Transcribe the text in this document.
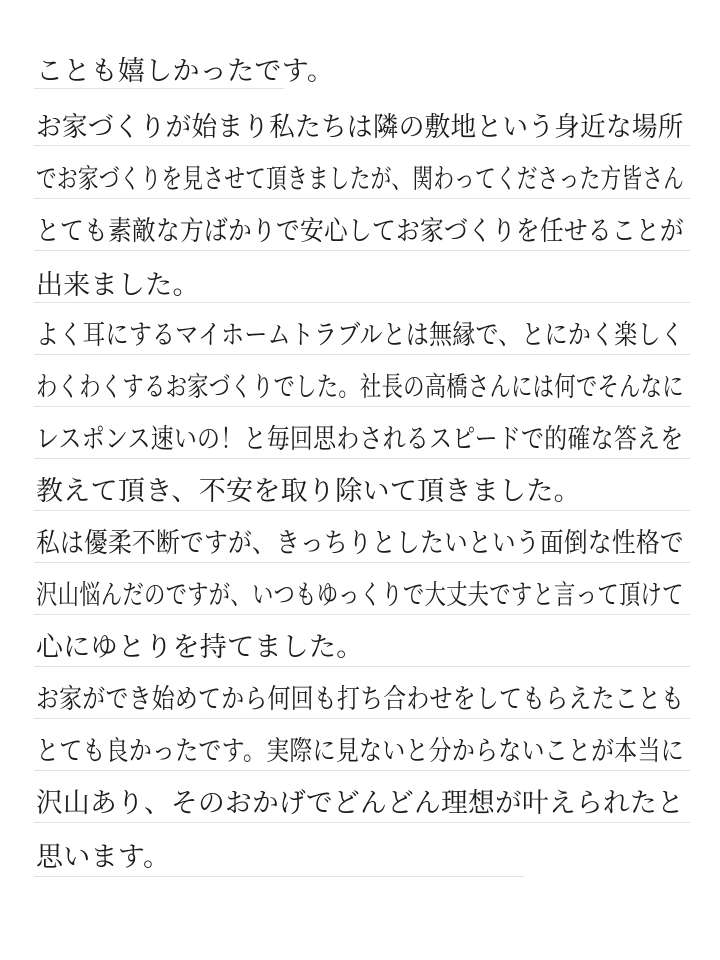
ことも嬉しかったです。
お家づくりが始まり私たちは隣の敷地という身近な場所
でお家づくりを見させて頂きましたが、関わってくださった方皆さん
とても素敵な方ばかりで安心してお家づくりを任せることが
出来ました。
よく耳にするマイホームトラブルとは無縁で、とにかく楽しく
わくわくするお家づくりでした。社長の高橋さんには何でそんなに
レスポンス速いの！と毎回思わされるスピードで的確な答えを
教えて頂き、不安を取り除いて頂きました。
私は優柔不断ですが、きっちりとしたいという面倒な性格で
沢山悩んだのですが、いつもゆっくりで大丈夫ですと言って頂けて
心にゆとりを持てました。
お家ができ始めてから何回も打ち合わせをしてもらえたことも
とても良かったです。実際に見ないと分からないことが本当に
沢山あり、そのおかげでどんどん理想が叶えられたと
思います。
